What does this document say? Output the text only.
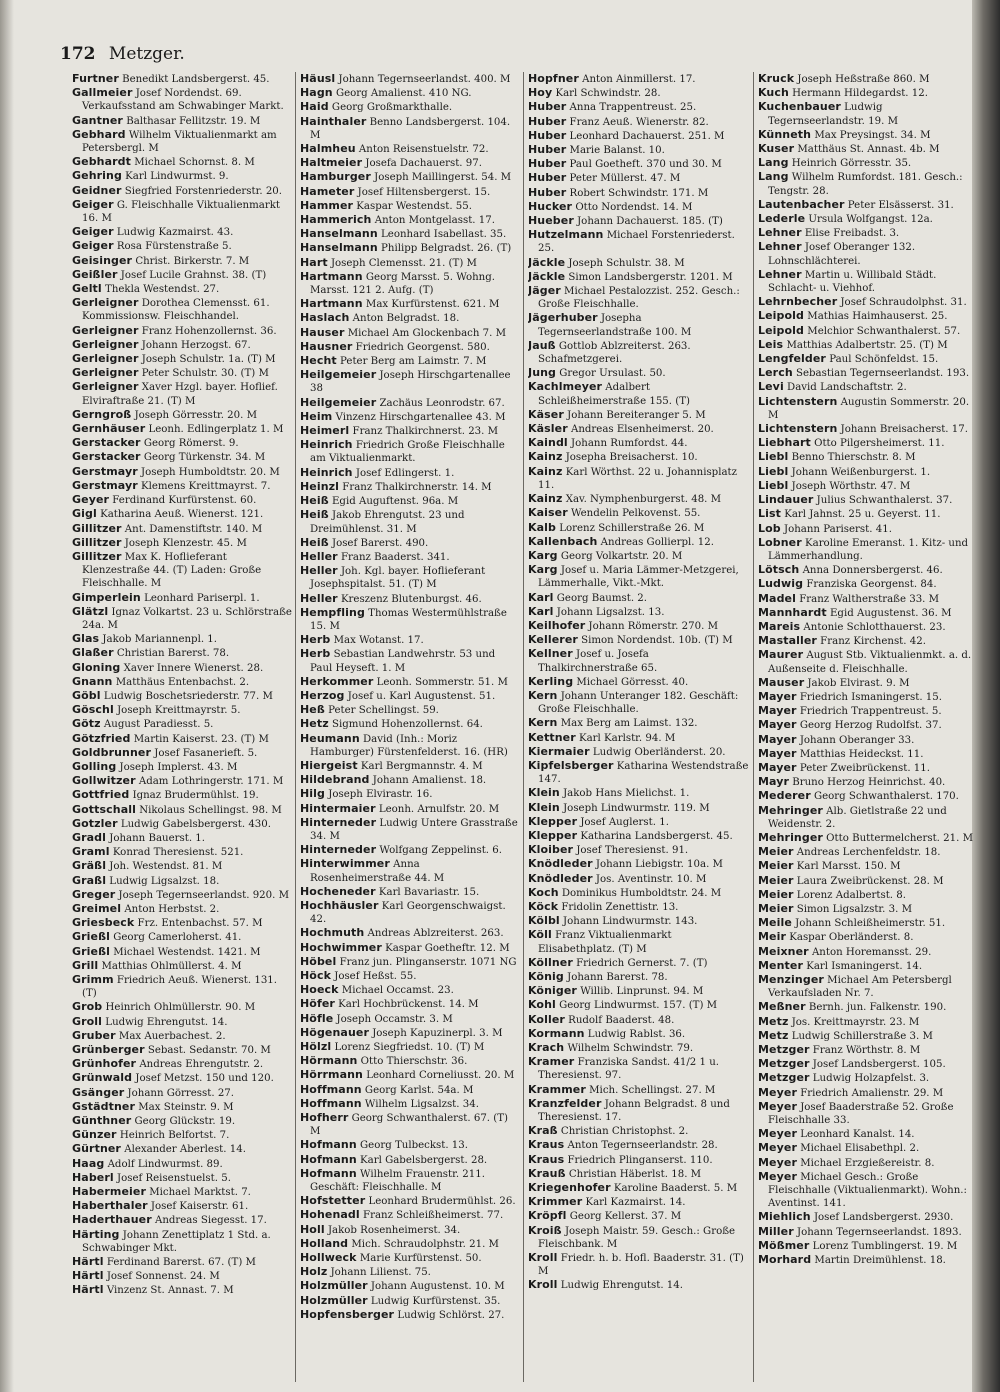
172 Metzger.

Furtner Benedikt Landsbergerst. 45.

Gallmeier Josef Nordendst. 69. Verkaufsstand am Schwabinger Markt.

Gantner Balthasar Fellitzstr. 19. M

Gebhard Wilhelm Viktualienmarkt am Petersbergl. M

Gebhardt Michael Schornst. 8. M

Gehring Karl Lindwurmst. 9.

Geidner Siegfried Forstenriederstr. 20.

Geiger G. Fleischhalle Viktualienmarkt 16. M

Geiger Ludwig Kazmairst. 43.

Geiger Rosa Fürstenstraße 5.

Geisinger Christ. Birkerstr. 7. M

Geißler Josef Lucile Grahnst. 38. (T)

Geltl Thekla Westendst. 27.

Gerleigner Dorothea Clemensst. 61. Kommissionsw. Fleischhandel.

Gerleigner Franz Hohenzollernst. 36.

Gerleigner Johann Herzogst. 67.

Gerleigner Joseph Schulstr. 1a. (T) M

Gerleigner Peter Schulstr. 30. (T) M

Gerleigner Xaver Hzgl. bayer. Hoflief. Elviraftraße 21. (T) M

Gerngroß Joseph Görresstr. 20. M

Gernhäuser Leonh. Edlingerplatz 1. M

Gerstacker Georg Römerst. 9.

Gerstacker Georg Türkenstr. 34. M

Gerstmayr Joseph Humboldtstr. 20. M

Gerstmayr Klemens Kreittmayrst. 7.

Geyer Ferdinand Kurfürstenst. 60.

Gigl Katharina Aeuß. Wienerst. 121.

Gillitzer Ant. Damenstiftstr. 140. M

Gillitzer Joseph Klenzestr. 45. M

Gillitzer Max K. Hoflieferant Klenzestraße 44. (T) Laden: Große Fleischhalle. M

Gimperlein Leonhard Pariserpl. 1.

Glätzl Ignaz Volkartst. 23 u. Schlörstraße 24a. M

Glas Jakob Mariannenpl. 1.

Glaßer Christian Barerst. 78.

Gloning Xaver Innere Wienerst. 28.

Gnann Matthäus Entenbachst. 2.

Göbl Ludwig Boschetsriederstr. 77. M

Göschl Joseph Kreittmayrstr. 5.

Götz August Paradiesst. 5.

Götzfried Martin Kaiserst. 23. (T) M

Goldbrunner Josef Fasanerieft. 5.

Golling Joseph Implerst. 43. M

Gollwitzer Adam Lothringerstr. 171. M

Gottfried Ignaz Brudermühlst. 19.

Gottschall Nikolaus Schellingst. 98. M

Gotzler Ludwig Gabelsbergerst. 430.

Gradl Johann Bauerst. 1.

Graml Konrad Theresienst. 521.

Gräßl Joh. Westendst. 81. M

Graßl Ludwig Ligsalzst. 18.

Greger Joseph Tegernseerlandst. 920. M

Greimel Anton Herbstst. 2.

Griesbeck Frz. Entenbachst. 57. M

Grießl Georg Camerloherst. 41.

Grießl Michael Westendst. 1421. M

Grill Matthias Ohlmüllerst. 4. M

Grimm Friedrich Aeuß. Wienerst. 131. (T)

Grob Heinrich Ohlmüllerstr. 90. M

Groll Ludwig Ehrengutst. 14.

Gruber Max Auerbachest. 2.

Grünberger Sebast. Sedanstr. 70. M

Grünhofer Andreas Ehrengutstr. 2.

Grünwald Josef Metzst. 150 und 120.

Gsänger Johann Görresst. 27.

Gstädtner Max Steinstr. 9. M

Günthner Georg Glückstr. 19.

Günzer Heinrich Belfortst. 7.

Gürtner Alexander Aberlest. 14.

Haag Adolf Lindwurmst. 89.

Haberl Josef Reisenstuelst. 5.

Habermeier Michael Marktst. 7.

Haberthaler Josef Kaiserstr. 61.

Haderthauer Andreas Siegesst. 17.

Härting Johann Zenettiplatz 1 Std. a. Schwabinger Mkt.

Härtl Ferdinand Barerst. 67. (T) M

Härtl Josef Sonnenst. 24. M

Härtl Vinzenz St. Annast. 7. M

Häusl Johann Tegernseerlandst. 400. M

Hagn Georg Amalienst. 410 NG.

Haid Georg Großmarkthalle.

Hainthaler Benno Landsbergerst. 104. M

Halmheu Anton Reisenstuelstr. 72.

Haltmeier Josefa Dachauerst. 97.

Hamburger Joseph Maillingerst. 54. M

Hameter Josef Hiltensbergerst. 15.

Hammer Kaspar Westendst. 55.

Hammerich Anton Montgelasst. 17.

Hanselmann Leonhard Isabellast. 35.

Hanselmann Philipp Belgradst. 26. (T)

Hart Joseph Clemensst. 21. (T) M

Hartmann Georg Marsst. 5. Wohng. Marsst. 121 2. Aufg. (T)

Hartmann Max Kurfürstenst. 621. M

Haslach Anton Belgradst. 18.

Hauser Michael Am Glockenbach 7. M

Hausner Friedrich Georgenst. 580.

Hecht Peter Berg am Laimstr. 7. M

Heilgemeier Joseph Hirschgartenallee 38

Heilgemeier Zachäus Leonrodstr. 67.

Heim Vinzenz Hirschgartenallee 43. M

Heimerl Franz Thalkirchnerst. 23. M

Heinrich Friedrich Große Fleischhalle am Viktualienmarkt.

Heinrich Josef Edlingerst. 1.

Heinzl Franz Thalkirchnerstr. 14. M

Heiß Egid Auguftenst. 96a. M

Heiß Jakob Ehrengutst. 23 und Dreimühlenst. 31. M

Heiß Josef Barerst. 490.

Heller Franz Baaderst. 341.

Heller Joh. Kgl. bayer. Hoflieferant Josephspitalst. 51. (T) M

Heller Kreszenz Blutenburgst. 46.

Hempfling Thomas Westermühlstraße 15. M

Herb Max Wotanst. 17.

Herb Sebastian Landwehrstr. 53 und Paul Heyseft. 1. M

Herkommer Leonh. Sommerstr. 51. M

Herzog Josef u. Karl Augustenst. 51.

Heß Peter Schellingst. 59.

Hetz Sigmund Hohenzollernst. 64.

Heumann David (Inh.: Moriz Hamburger) Fürstenfelderst. 16. (HR)

Hiergeist Karl Bergmannstr. 4. M

Hildebrand Johann Amalienst. 18.

Hilg Joseph Elvirastr. 16.

Hintermaier Leonh. Arnulfstr. 20. M

Hinterneder Ludwig Untere Grasstraße 34. M

Hinterneder Wolfgang Zeppelinst. 6.

Hinterwimmer Anna Rosenheimerstraße 44. M

Hocheneder Karl Bavariastr. 15.

Hochhäusler Karl Georgenschwaigst. 42.

Hochmuth Andreas Ablzreiterst. 263.

Hochwimmer Kaspar Goetheftr. 12. M

Höbel Franz jun. Plinganserstr. 1071 NG

Höck Josef Heßst. 55.

Hoeck Michael Occamst. 23.

Höfer Karl Hochbrückenst. 14. M

Höfle Joseph Occamstr. 3. M

Högenauer Joseph Kapuzinerpl. 3. M

Hölzl Lorenz Siegfriedst. 10. (T) M

Hörmann Otto Thierschstr. 36.

Hörrmann Leonhard Corneliusst. 20. M

Hoffmann Georg Karlst. 54a. M

Hoffmann Wilhelm Ligsalzst. 34.

Hofherr Georg Schwanthalerst. 67. (T) M

Hofmann Georg Tulbeckst. 13.

Hofmann Karl Gabelsbergerst. 28.

Hofmann Wilhelm Frauenstr. 211. Geschäft: Fleischhalle. M

Hofstetter Leonhard Brudermühlst. 26.

Hohenadl Franz Schleißheimerst. 77.

Holl Jakob Rosenheimerst. 34.

Holland Mich. Schraudolphstr. 21. M

Hollweck Marie Kurfürstenst. 50.

Holz Johann Lilienst. 75.

Holzmüller Johann Augustenst. 10. M

Holzmüller Ludwig Kurfürstenst. 35.

Hopfensberger Ludwig Schlörst. 27.

Hopfner Anton Ainmillerst. 17.

Hoy Karl Schwindstr. 28.

Huber Anna Trappentreust. 25.

Huber Franz Aeuß. Wienerstr. 82.

Huber Leonhard Dachauerst. 251. M

Huber Marie Balanst. 10.

Huber Paul Goetheft. 370 und 30. M

Huber Peter Müllerst. 47. M

Huber Robert Schwindstr. 171. M

Hucker Otto Nordendst. 14. M

Hueber Johann Dachauerst. 185. (T)

Hutzelmann Michael Forstenriederst. 25.

Jäckle Joseph Schulstr. 38. M

Jäckle Simon Landsbergerstr. 1201. M

Jäger Michael Pestalozzist. 252. Gesch.: Große Fleischhalle.

Jägerhuber Josepha Tegernseerlandstraße 100. M

Jauß Gottlob Ablzreiterst. 263. Schafmetzgerei.

Jung Gregor Ursulast. 50.

Kachlmeyer Adalbert Schleißheimerstraße 155. (T)

Käser Johann Bereiteranger 5. M

Käsler Andreas Elsenheimerst. 20.

Kaindl Johann Rumfordst. 44.

Kainz Josepha Breisacherst. 10.

Kainz Karl Wörthst. 22 u. Johannisplatz 11.

Kainz Xav. Nymphenburgerst. 48. M

Kaiser Wendelin Pelkovenst. 55.

Kalb Lorenz Schillerstraße 26. M

Kallenbach Andreas Gollierpl. 12.

Karg Georg Volkartstr. 20. M

Karg Josef u. Maria Lämmer-Metzgerei, Lämmerhalle, Vikt.-Mkt.

Karl Georg Baumst. 2.

Karl Johann Ligsalzst. 13.

Keilhofer Johann Römerstr. 270. M

Kellerer Simon Nordendst. 10b. (T) M

Kellner Josef u. Josefa Thalkirchnerstraße 65.

Kerling Michael Görresst. 40.

Kern Johann Unteranger 182. Geschäft: Große Fleischhalle.

Kern Max Berg am Laimst. 132.

Kettner Karl Karlstr. 94. M

Kiermaier Ludwig Oberländerst. 20.

Kipfelsberger Katharina Westendstraße 147.

Klein Jakob Hans Mielichst. 1.

Klein Joseph Lindwurmstr. 119. M

Klepper Josef Auglerst. 1.

Klepper Katharina Landsbergerst. 45.

Kloiber Josef Theresienst. 91.

Knödleder Johann Liebigstr. 10a. M

Knödleder Jos. Aventinstr. 10. M

Koch Dominikus Humboldtstr. 24. M

Köck Fridolin Zenettistr. 13.

Kölbl Johann Lindwurmstr. 143.

Köll Franz Viktualienmarkt Elisabethplatz. (T) M

Köllner Friedrich Gernerst. 7. (T)

König Johann Barerst. 78.

Königer Willib. Linprunst. 94. M

Kohl Georg Lindwurmst. 157. (T) M

Koller Rudolf Baaderst. 48.

Kormann Ludwig Rablst. 36.

Krach Wilhelm Schwindstr. 79.

Kramer Franziska Sandst. 41/2 1 u. Theresienst. 97.

Krammer Mich. Schellingst. 27. M

Kranzfelder Johann Belgradst. 8 und Theresienst. 17.

Kraß Christian Christophst. 2.

Kraus Anton Tegernseerlandstr. 28.

Kraus Friedrich Plinganserst. 110.

Krauß Christian Häberlst. 18. M

Kriegenhofer Karoline Baaderst. 5. M

Krimmer Karl Kazmairst. 14.

Kröpfl Georg Kellerst. 37. M

Kroiß Joseph Maistr. 59. Gesch.: Große Fleischbank. M

Kroll Friedr. h. b. Hofl. Baaderstr. 31. (T) M

Kroll Ludwig Ehrengutst. 14.

Kruck Joseph Heßstraße 860. M

Kuch Hermann Hildegardst. 12.

Kuchenbauer Ludwig Tegernseerlandstr. 19. M

Künneth Max Preysingst. 34. M

Kuser Matthäus St. Annast. 4b. M

Lang Heinrich Görresstr. 35.

Lang Wilhelm Rumfordst. 181. Gesch.: Tengstr. 28.

Lautenbacher Peter Elsässerst. 31.

Lederle Ursula Wolfgangst. 12a.

Lehner Elise Freibadst. 3.

Lehner Josef Oberanger 132. Lohnschlächterei.

Lehner Martin u. Willibald Städt. Schlacht- u. Viehhof.

Lehrnbecher Josef Schraudolphst. 31.

Leipold Mathias Haimhauserst. 25.

Leipold Melchior Schwanthalerst. 57.

Leis Matthias Adalbertstr. 25. (T) M

Lengfelder Paul Schönfeldst. 15.

Lerch Sebastian Tegernseerlandst. 193.

Levi David Landschaftstr. 2.

Lichtenstern Augustin Sommerstr. 20. M

Lichtenstern Johann Breisacherst. 17.

Liebhart Otto Pilgersheimerst. 11.

Liebl Benno Thierschstr. 8. M

Liebl Johann Weißenburgerst. 1.

Liebl Joseph Wörthstr. 47. M

Lindauer Julius Schwanthalerst. 37.

List Karl Jahnst. 25 u. Geyerst. 11.

Lob Johann Pariserst. 41.

Lobner Karoline Emeranst. 1. Kitz- und Lämmerhandlung.

Lötsch Anna Donnersbergerst. 46.

Ludwig Franziska Georgenst. 84.

Madel Franz Waltherstraße 33. M

Mannhardt Egid Augustenst. 36. M

Mareis Antonie Schlotthauerst. 23.

Mastaller Franz Kirchenst. 42.

Maurer August Stb. Viktualienmkt. a. d. Außenseite d. Fleischhalle.

Mauser Jakob Elvirast. 9. M

Mayer Friedrich Ismaningerst. 15.

Mayer Friedrich Trappentreust. 5.

Mayer Georg Herzog Rudolfst. 37.

Mayer Johann Oberanger 33.

Mayer Matthias Heideckst. 11.

Mayer Peter Zweibrückenst. 11.

Mayr Bruno Herzog Heinrichst. 40.

Mederer Georg Schwanthalerst. 170.

Mehringer Alb. Gietlstraße 22 und Weidenstr. 2.

Mehringer Otto Buttermelcherst. 21. M

Meier Andreas Lerchenfeldstr. 18.

Meier Karl Marsst. 150. M

Meier Laura Zweibrückenst. 28. M

Meier Lorenz Adalbertst. 8.

Meier Simon Ligsalzstr. 3. M

Meile Johann Schleißheimerstr. 51.

Meir Kaspar Oberländerst. 8.

Meixner Anton Horemansst. 29.

Menter Karl Ismaningerst. 14.

Menzinger Michael Am Petersbergl Verkaufsladen Nr. 7.

Meßner Bernh. jun. Falkenstr. 190.

Metz Jos. Kreittmayrstr. 23. M

Metz Ludwig Schillerstraße 3. M

Metzger Franz Wörthstr. 8. M

Metzger Josef Landsbergerst. 105.

Metzger Ludwig Holzapfelst. 3.

Meyer Friedrich Amalienstr. 29. M

Meyer Josef Baaderstraße 52. Große Fleischhalle 33.

Meyer Leonhard Kanalst. 14.

Meyer Michael Elisabethpl. 2.

Meyer Michael Erzgießereistr. 8.

Meyer Michael Gesch.: Große Fleischhalle (Viktualienmarkt). Wohn.: Aventinst. 141.

Miehlich Josef Landsbergerst. 2930.

Miller Johann Tegernseerlandst. 1893.

Mößmer Lorenz Tumblingerst. 19. M

Morhard Martin Dreimühlenst. 18.
